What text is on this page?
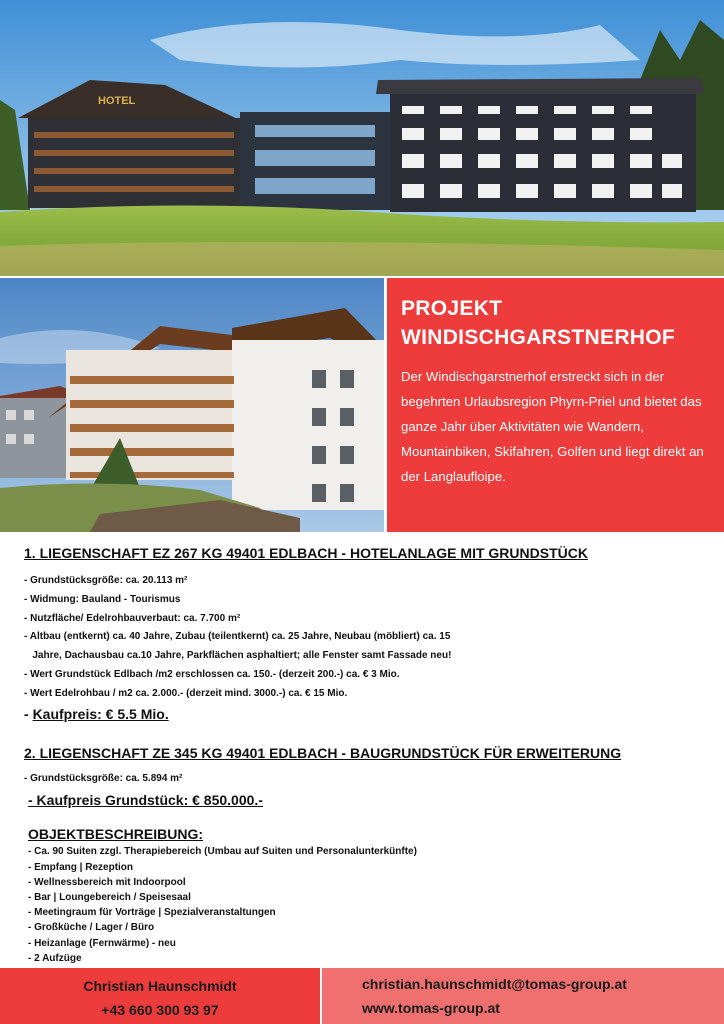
HOTEL
PROJEKT
WINDISCHGARSTNERHOF

Der Windischgarstnerhof erstreckt sich in der begehrten Urlaubsregion Phyrn-Priel und bietet das ganze Jahr über Aktivitäten wie Wandern, Mountainbiken, Skifahren, Golfen und liegt direkt an der Langlaufloipe.

1. LIEGENSCHAFT EZ 267 KG 49401 EDLBACH - HOTELANLAGE MIT GRUNDSTÜCK
- Grundstücksgröße: ca. 20.113 m²
- Widmung: Bauland - Tourismus
- Nutzfläche/ Edelrohbauverbaut: ca. 7.700 m²
- Altbau (entkernt) ca. 40 Jahre, Zubau (teilentkernt) ca. 25 Jahre, Neubau (möbliert) ca. 15
Jahre, Dachausbau ca.10 Jahre, Parkflächen asphaltiert; alle Fenster samt Fassade neu!
- Wert Grundstück Edlbach /m2 erschlossen ca. 150.- (derzeit 200.-) ca. € 3 Mio.
- Wert Edelrohbau / m2 ca. 2.000.- (derzeit mind. 3000.-) ca. € 15 Mio.
- Kaufpreis: € 5.5 Mio.
2. LIEGENSCHAFT ZE 345 KG 49401 EDLBACH - BAUGRUNDSTÜCK FÜR ERWEITERUNG
- Grundstücksgröße: ca. 5.894 m²
- Kaufpreis Grundstück: € 850.000.-
OBJEKTBESCHREIBUNG:
- Ca. 90 Suiten zzgl. Therapiebereich (Umbau auf Suiten und Personalunterkünfte)
- Empfang | Rezeption
- Wellnessbereich mit Indoorpool
- Bar | Loungebereich / Speisesaal
- Meetingraum für Vorträge | Spezialveranstaltungen
- Großküche / Lager / Büro
- Heizanlage (Fernwärme) - neu
- 2 Aufzüge
Christian Haunschmidt
+43 660 300 93 97
christian.haunschmidt@tomas-group.at
www.tomas-group.at
